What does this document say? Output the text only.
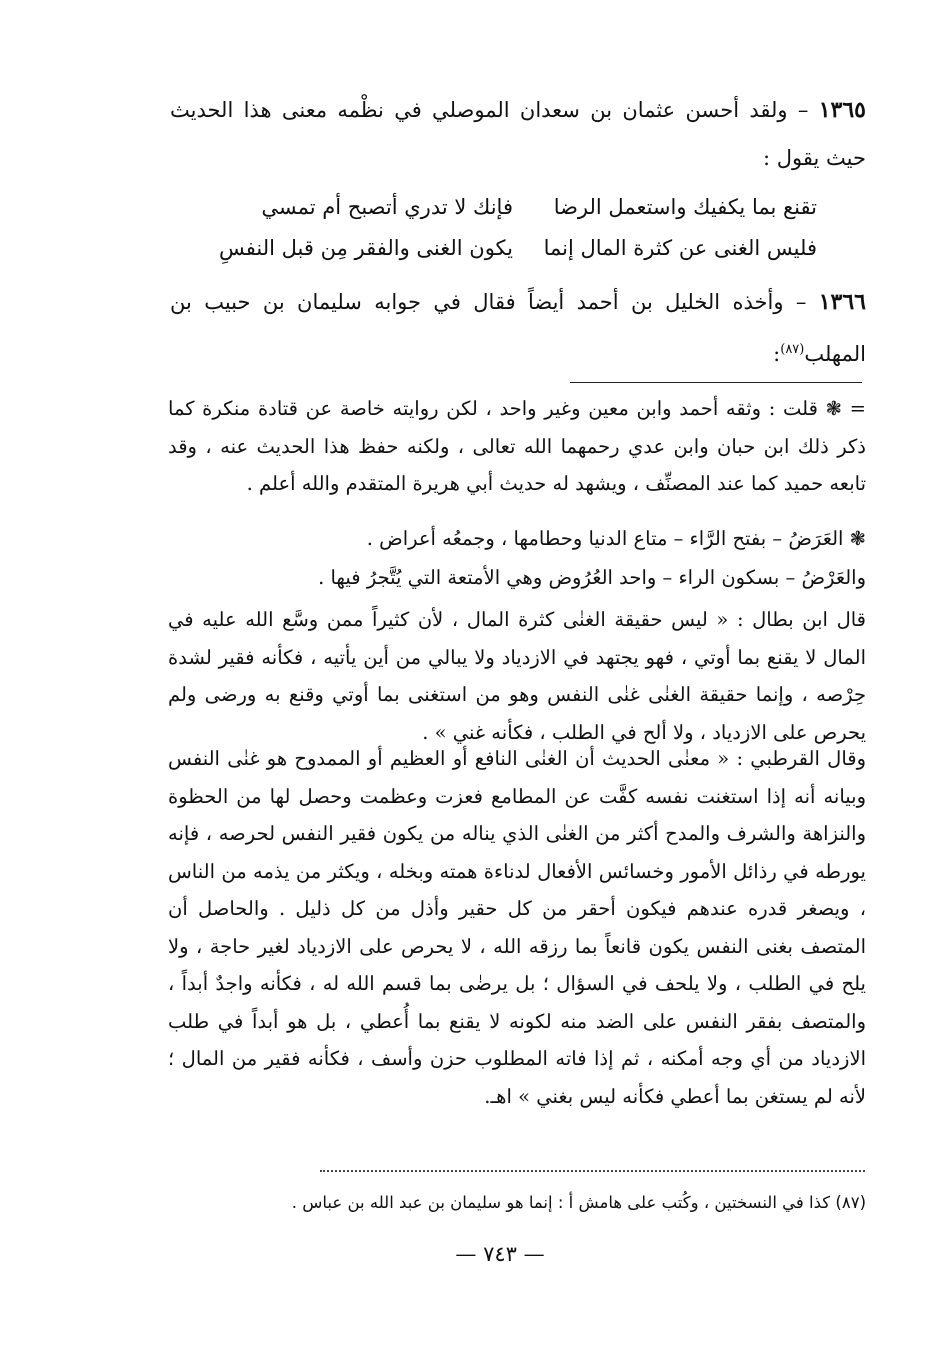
١٣٦٥ – ولقد أحسن عثمان بن سعدان الموصلي في نظْمه معنى هذا الحديث حيث يقول :
تقنع بما يكفيك واستعمل الرضا
فإنك لا تدري أتصبح أم تمسي
فليس الغنى عن كثرة المال إنما
يكون الغنى والفقر مِن قبل النفسِ
١٣٦٦ – وأخذه الخليل بن أحمد أيضاً فقال في جوابه سليمان بن حبيب بن المهلب$^{(٨٧)}$:
= ❃ قلت : وثقه أحمد وابن معين وغير واحد ، لكن روايته خاصة عن قتادة منكرة كما ذكر ذلك ابن حبان وابن عدي رحمهما الله تعالى ، ولكنه حفظ هذا الحديث عنه ، وقد تابعه حميد كما عند المصنِّف ، ويشهد له حديث أبي هريرة المتقدم والله أعلم .
❃ العَرَضُ – بفتح الرَّاء – متاع الدنيا وحطامها ، وجمعُه أعراض .
والعَرْضُ – بسكون الراء – واحد العُرُوض وهي الأمتعة التي يُتَّجرُ فيها .
قال ابن بطال : « ليس حقيقة الغنٰى كثرة المال ، لأن كثيراً ممن وسَّع الله عليه في المال لا يقنع بما أوتي ، فهو يجتهد في الازدياد ولا يبالي من أين يأتيه ، فكأنه فقير لشدة حِرْصه ، وإنما حقيقة الغنٰى غنٰى النفس وهو من استغنى بما أوتي وقنع به ورضى ولم يحرص على الازدياد ، ولا ألح في الطلب ، فكأنه غني » .
وقال القرطبي : « معنٰى الحديث أن الغنٰى النافع أو العظيم أو الممدوح هو غنٰى النفس وبيانه أنه إذا استغنت نفسه كفَّت عن المطامع فعزت وعظمت وحصل لها من الحظوة والنزاهة والشرف والمدح أكثر من الغنٰى الذي يناله من يكون فقير النفس لحرصه ، فإنه يورطه في رذائل الأمور وخسائس الأفعال لدناءة همته وبخله ، ويكثر من يذمه من الناس ، ويصغر قدره عندهم فيكون أحقر من كل حقير وأذل من كل ذليل . والحاصل أن المتصف بغنى النفس يكون قانعاً بما رزقه الله ، لا يحرص على الازدياد لغير حاجة ، ولا يلح في الطلب ، ولا يلحف في السؤال ؛ بل يرضٰى بما قسم الله له ، فكأنه واجدٌ أبداً ، والمتصف بفقر النفس على الضد منه لكونه لا يقنع بما أُعطي ، بل هو أبداً في طلب الازدياد من أي وجه أمكنه ، ثم إذا فاته المطلوب حزن وأسف ، فكأنه فقير من المال ؛ لأنه لم يستغن بما أعطي فكأنه ليس بغني » اهـ.
(٨٧) كذا في النسختين ، وكُتب على هامش أ : إنما هو سليمان بن عبد الله بن عباس .
— ٧٤٣ —
